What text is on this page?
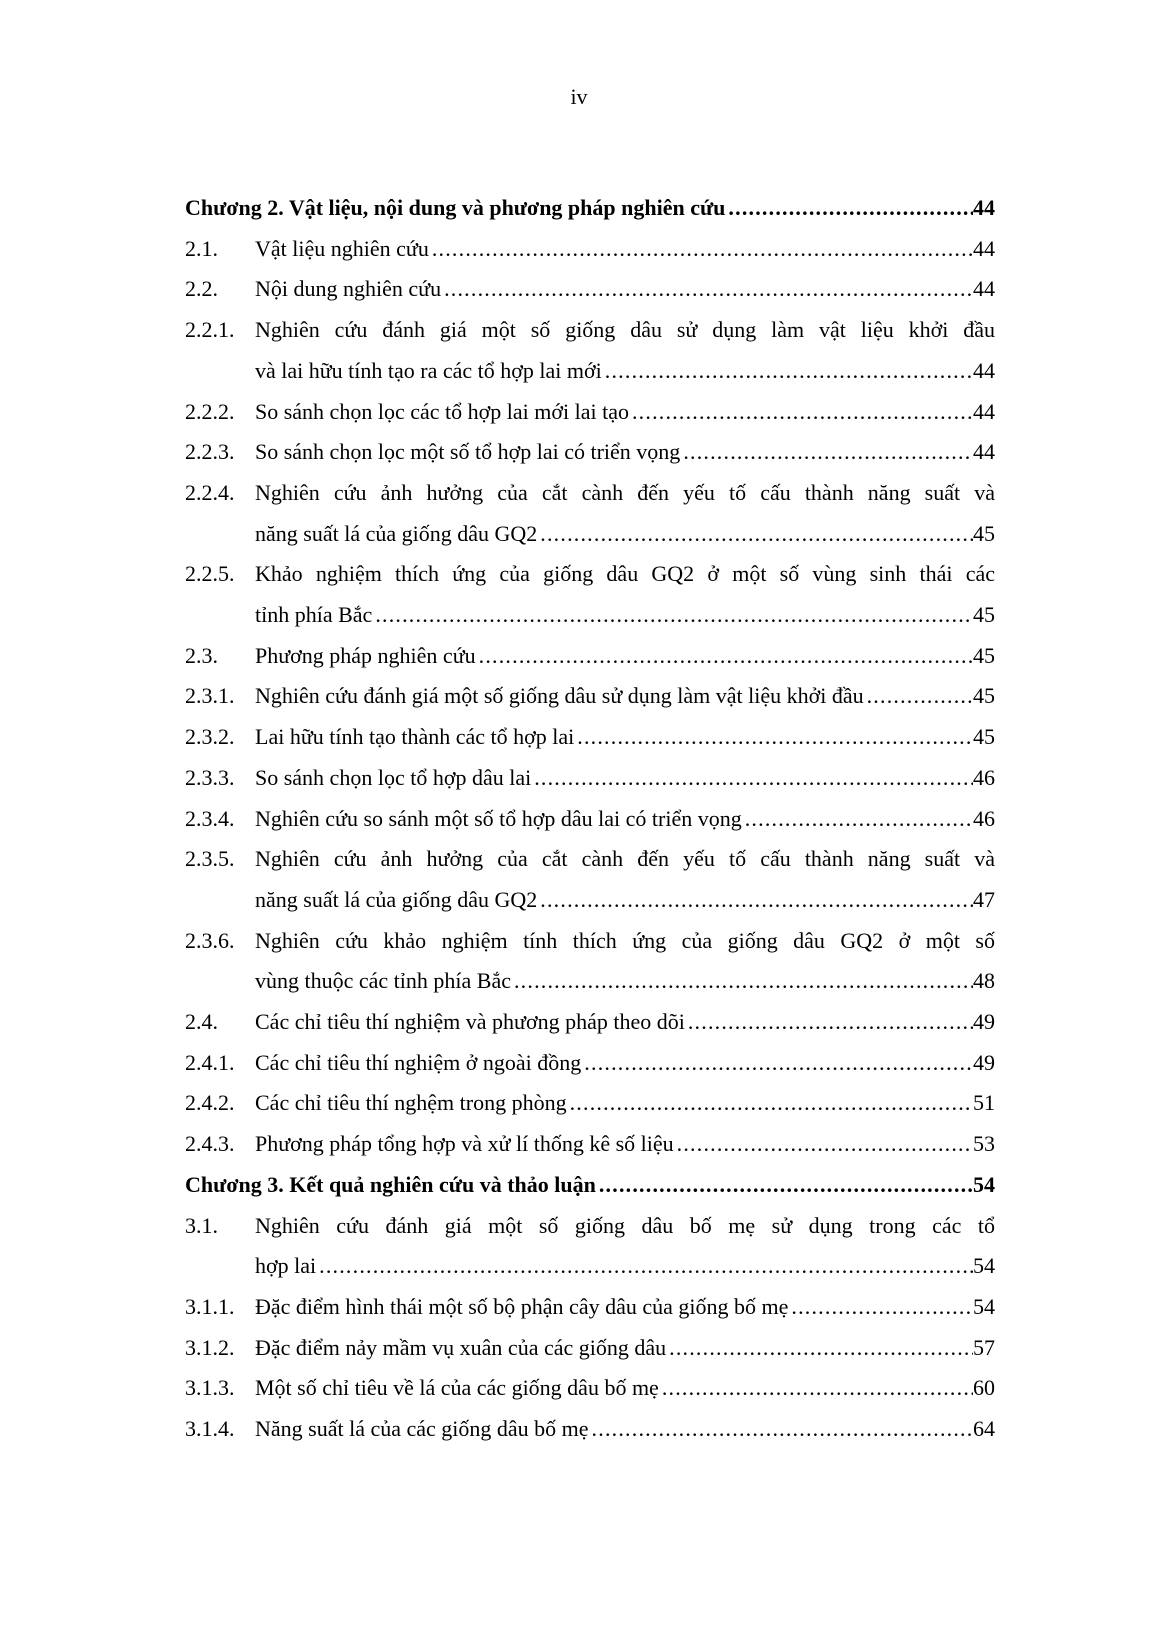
iv
Chương 2. Vật liệu, nội dung và phương pháp nghiên cứu .....	44
2.1.	Vật liệu nghiên cứu .....	44
2.2.	Nội dung nghiên cứu .....	44
2.2.1. Nghiên cứu đánh giá một số giống dâu sử dụng làm vật liệu khởi đầu
và lai hữu tính tạo ra các tổ hợp lai mới .....	44
2.2.2. So sánh chọn lọc các tổ hợp lai mới lai tạo .....	44
2.2.3. So sánh chọn lọc một số tổ hợp lai có triển vọng .....	44
2.2.4. Nghiên cứu ảnh hưởng của cắt cành đến yếu tố cấu thành năng suất và
năng suất lá của giống dâu GQ2 .....	45
2.2.5. Khảo nghiệm thích ứng của giống dâu GQ2 ở một số vùng sinh thái các
tỉnh phía Bắc .....	45
2.3.	Phương pháp nghiên cứu .....	45
2.3.1. Nghiên cứu đánh giá một số giống dâu sử dụng làm vật liệu khởi đầu .....	45
2.3.2. Lai hữu tính tạo thành các tổ hợp lai .....	45
2.3.3. So sánh chọn lọc tổ hợp dâu lai .....	46
2.3.4. Nghiên cứu so sánh một số tổ hợp dâu lai có triển vọng .....	46
2.3.5. Nghiên cứu ảnh hưởng của cắt cành đến yếu tố cấu thành năng suất và
năng suất lá của giống dâu GQ2 .....	47
2.3.6. Nghiên cứu khảo nghiệm tính thích ứng của giống dâu GQ2 ở một số
vùng thuộc các tỉnh phía Bắc .....	48
2.4.	Các chỉ tiêu thí nghiệm và phương pháp theo dõi .....	49
2.4.1. Các chỉ tiêu thí nghiệm ở ngoài đồng .....	49
2.4.2. Các chỉ tiêu thí nghệm trong phòng .....	51
2.4.3. Phương pháp tổng hợp và xử lí thống kê số liệu .....	53
Chương 3. Kết quả nghiên cứu và thảo luận .....	54
3.1.	Nghiên cứu đánh giá một số giống dâu bố mẹ sử dụng trong các tổ
hợp lai .....	54
3.1.1. Đặc điểm hình thái một số bộ phận cây dâu của giống bố mẹ .....	54
3.1.2. Đặc điểm nảy mầm vụ xuân của các giống dâu .....	57
3.1.3. Một số chỉ tiêu về lá của các giống dâu bố mẹ .....	60
3.1.4. Năng suất lá của các giống dâu bố mẹ .....	64
